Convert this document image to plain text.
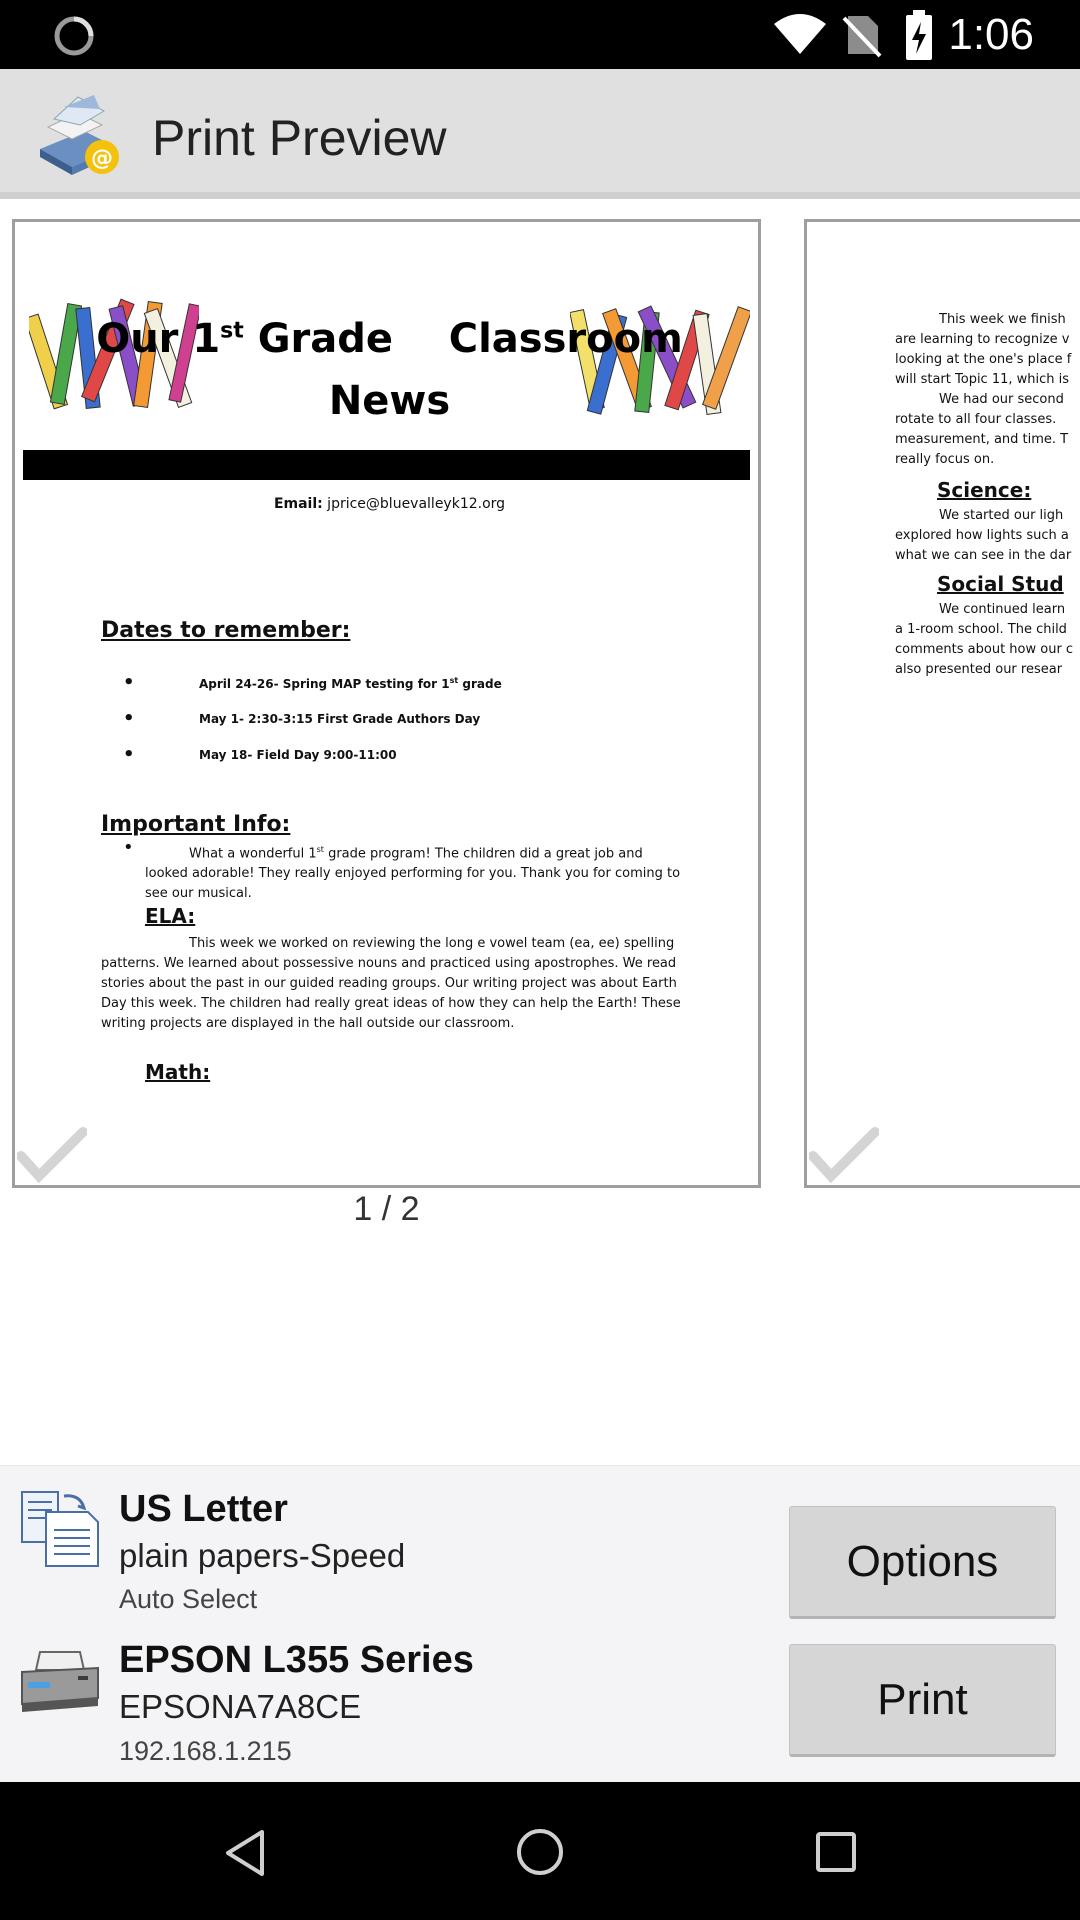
1:06
@ Print Preview
Our 1st Grade    Classroom
News
Email: jprice@bluevalleyk12.org
Dates to remember:
•	April 24-26- Spring MAP testing for 1st grade
•	May 1- 2:30-3:15 First Grade Authors Day
•	May 18- Field Day 9:00-11:00
Important Info:
•	What a wonderful 1st grade program! The children did a great job and looked adorable! They really enjoyed performing for you. Thank you for coming to see our musical.
ELA:
This week we worked on reviewing the long e vowel team (ea, ee) spelling patterns. We learned about possessive nouns and practiced using apostrophes. We read stories about the past in our guided reading groups. Our writing project was about Earth Day this week. The children had really great ideas of how they can help the Earth! These writing projects are displayed in the hall outside our classroom.
Math:
This week we finish
are learning to recognize v
looking at the one's place f
will start Topic 11, which is
We had our second
rotate to all four classes.
measurement, and time. T
really focus on.
Science:
We started our ligh
explored how lights such a
what we can see in the dar
Social Stud
We continued learn
a 1-room school. The child
comments about how our c
also presented our resear
1 / 2
US Letter
plain papers-Speed
Auto Select
EPSON L355 Series
EPSONA7A8CE
192.168.1.215
Options
Print
